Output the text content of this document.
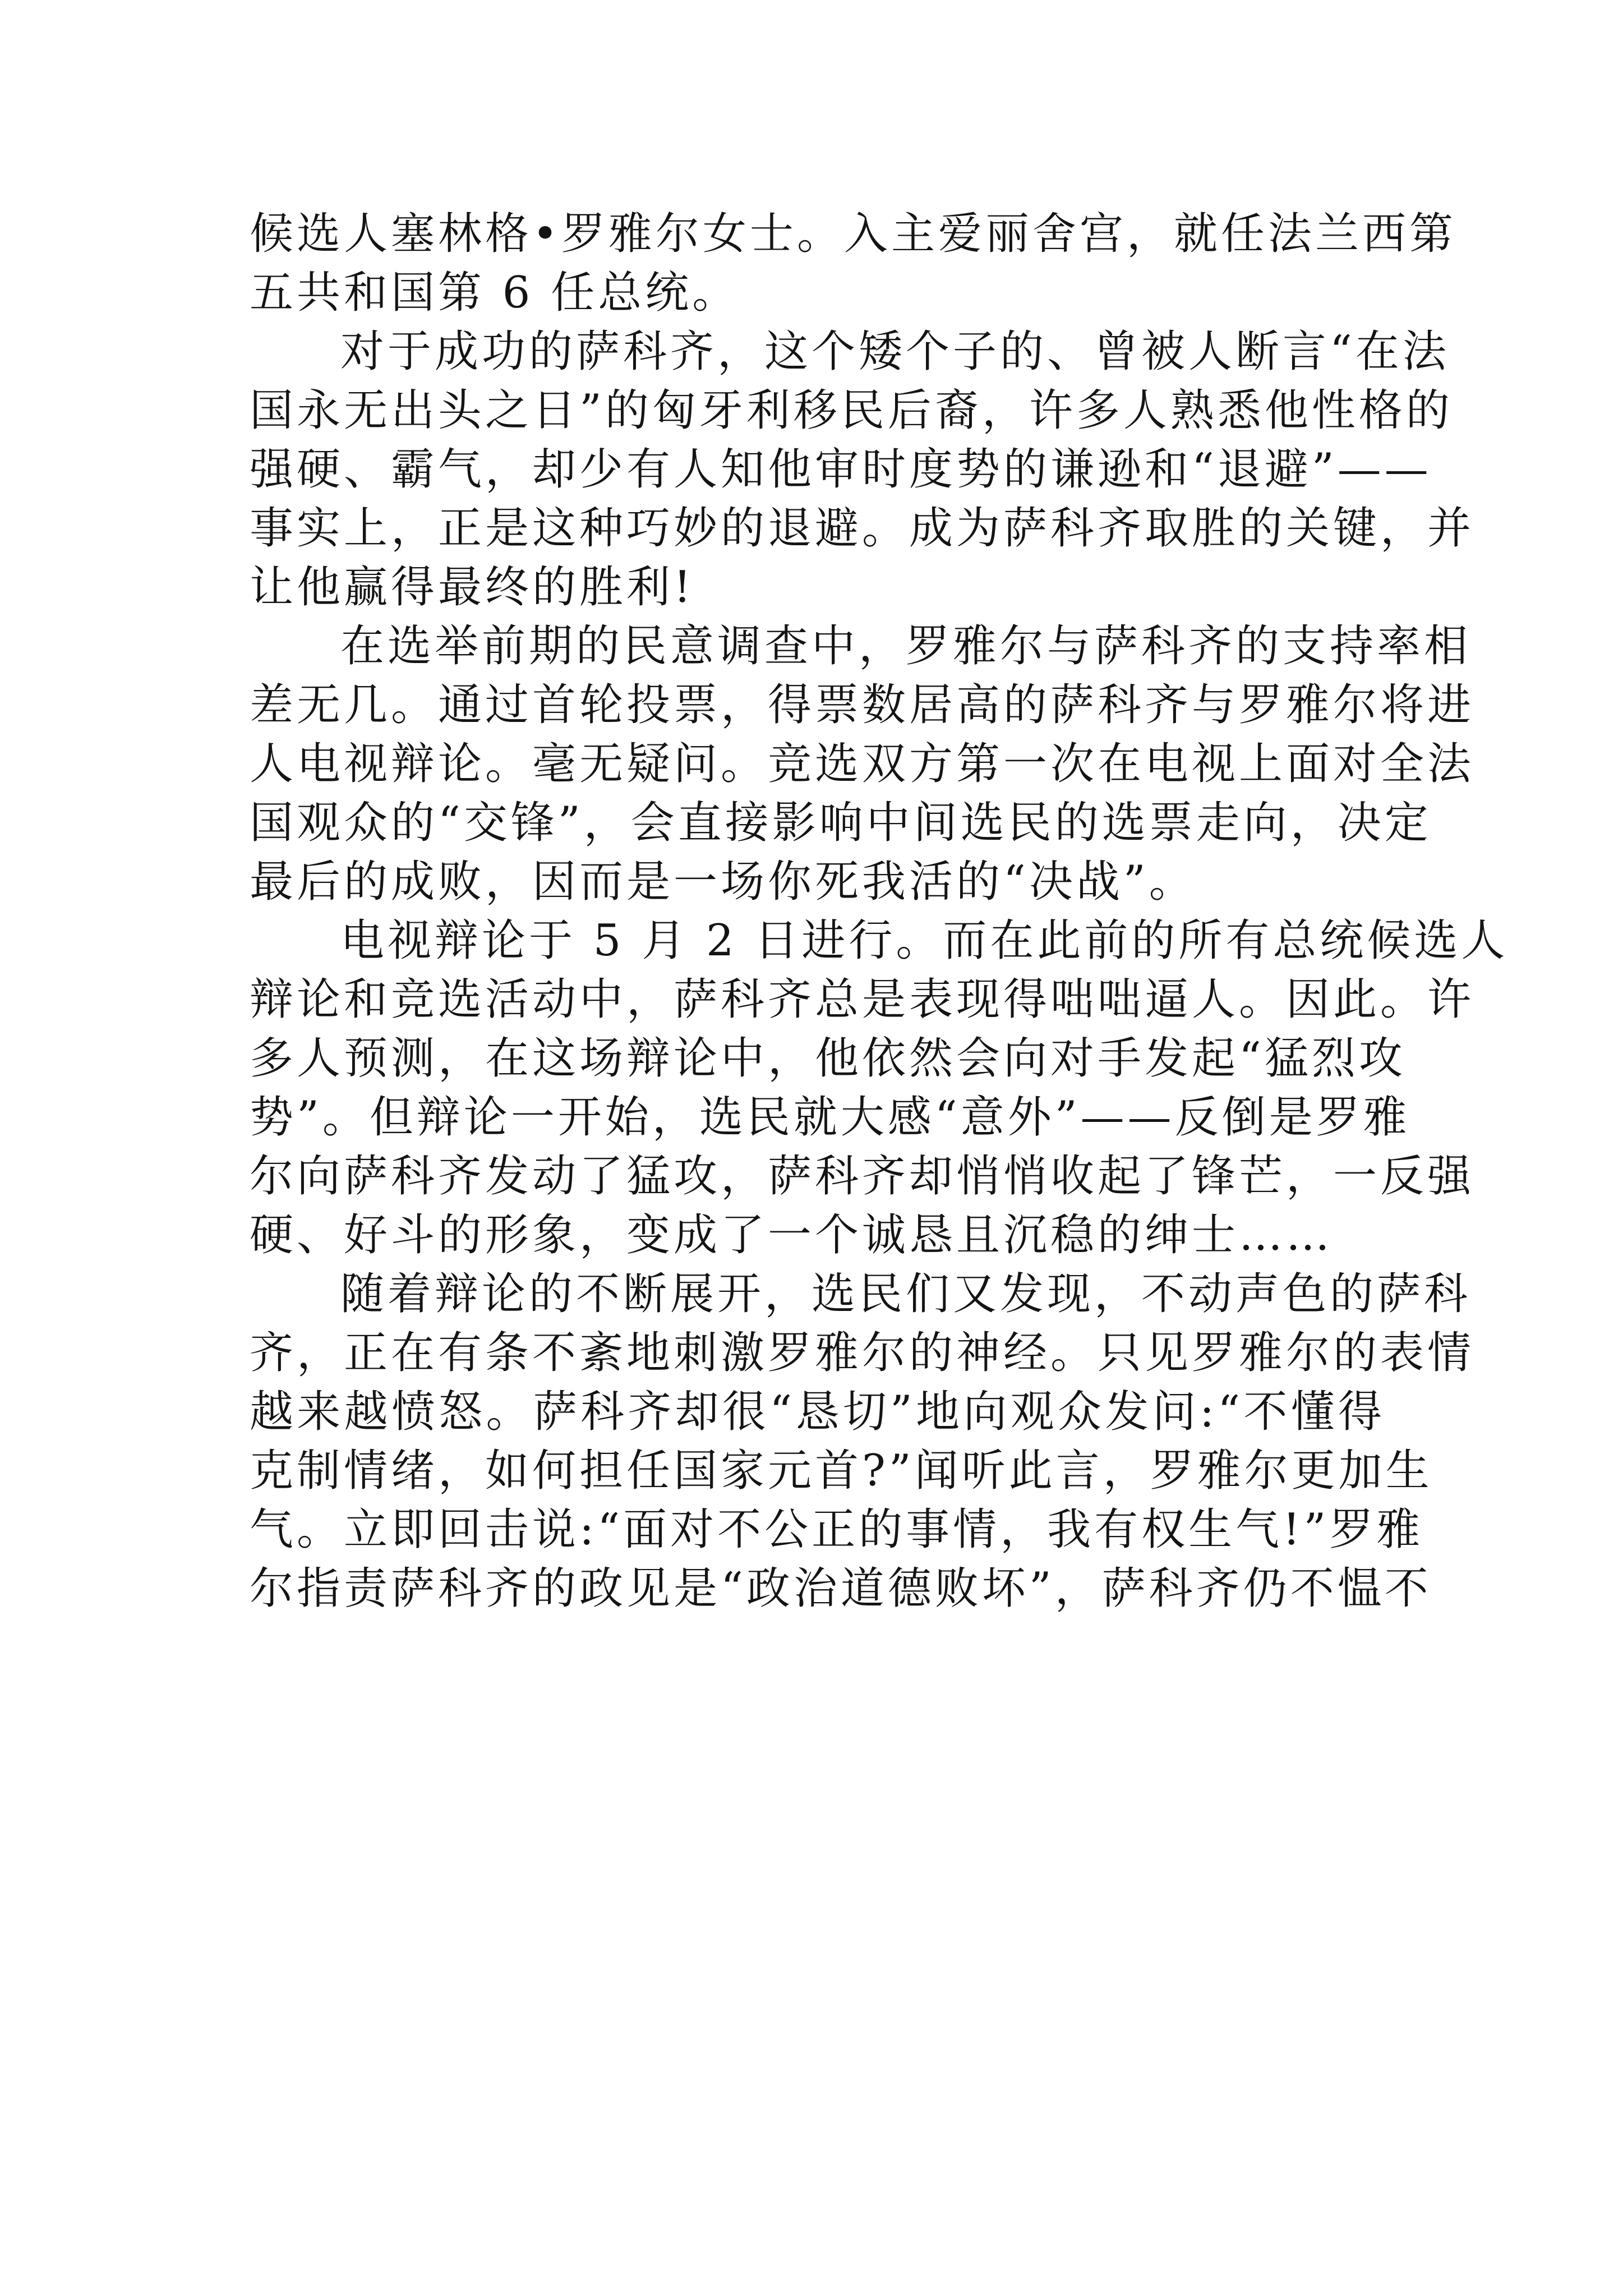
候选人塞林格•罗雅尔女士。入主爱丽舍宫，就任法兰西第
五共和国第 6 任总统。
对于成功的萨科齐，这个矮个子的、曾被人断言“在法
国永无出头之日”的匈牙利移民后裔，许多人熟悉他性格的
强硬、霸气，却少有人知他审时度势的谦逊和“退避”——
事实上，正是这种巧妙的退避。成为萨科齐取胜的关键，并
让他赢得最终的胜利!
在选举前期的民意调查中，罗雅尔与萨科齐的支持率相
差无几。通过首轮投票，得票数居高的萨科齐与罗雅尔将进
人电视辩论。毫无疑问。竞选双方第一次在电视上面对全法
国观众的“交锋”，会直接影响中间选民的选票走向，决定
最后的成败，因而是一场你死我活的“决战”。
电视辩论于 5 月 2 日进行。而在此前的所有总统候选人
辩论和竞选活动中，萨科齐总是表现得咄咄逼人。因此。许
多人预测，在这场辩论中，他依然会向对手发起“猛烈攻
势”。但辩论一开始，选民就大感“意外”——反倒是罗雅
尔向萨科齐发动了猛攻，萨科齐却悄悄收起了锋芒，一反强
硬、好斗的形象，变成了一个诚恳且沉稳的绅士……
随着辩论的不断展开，选民们又发现，不动声色的萨科
齐，正在有条不紊地刺激罗雅尔的神经。只见罗雅尔的表情
越来越愤怒。萨科齐却很“恳切”地向观众发问:“不懂得
克制情绪，如何担任国家元首?”闻听此言，罗雅尔更加生
气。立即回击说:“面对不公正的事情，我有权生气!”罗雅
尔指责萨科齐的政见是“政治道德败坏”，萨科齐仍不愠不
